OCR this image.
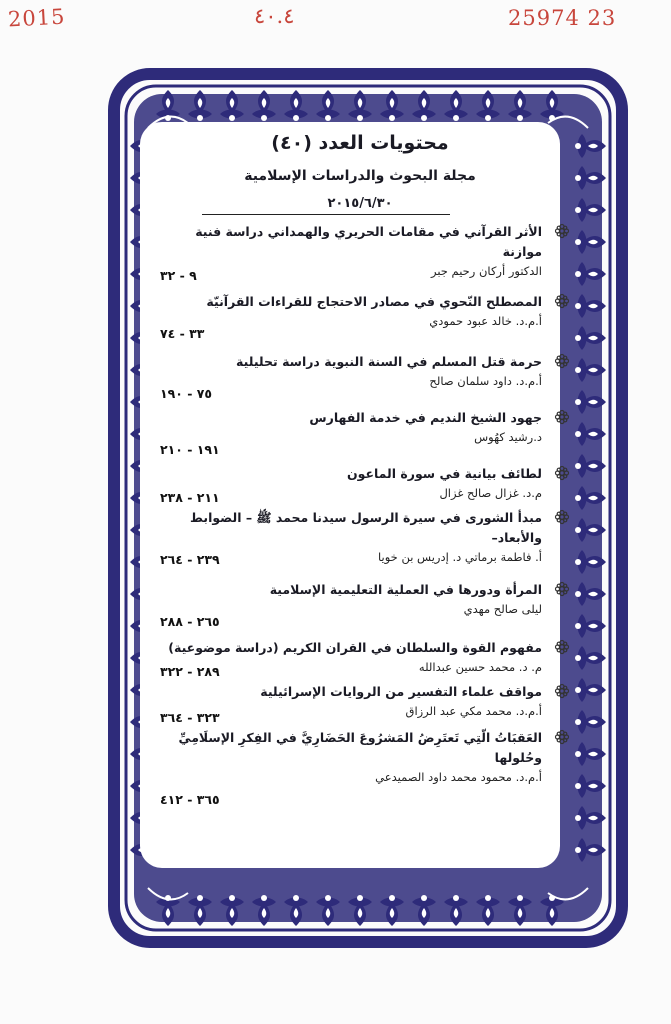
2015	٤٠.٤	25974 23
محتويات العدد (٤٠)
مجلة البحوث والدراسات الإسلامية
٢٠١٥/٦/٣٠
الأثر القرآني في مقامات الحريري والهمداني دراسة فنية موازنة
الدكتور أركان رحيم جبر
٩ - ٣٢
المصطلح النّحوي في مصادر الاحتجاج للقراءات القرآنيّة
أ.م.د. خالد عبود حمودي
٣٣ - ٧٤
حرمة قتل المسلم في السنة النبوية دراسة تحليلية
أ.م.د. داود سلمان صالح
٧٥ - ١٩٠
جهود الشيخ النديم في خدمة الفهارس
د.رشيد كهُوس
١٩١ - ٢١٠
لطائف بيانية في سورة الماعون
م.د. غزال صالح غزال
٢١١ - ٢٣٨
مبدأ الشورى في سيرة الرسول سيدنا محمد ﷺ – الضوابط والأبعاد–
أ. فاطمة برماتي د. إدريس بن خويا
٢٣٩ - ٢٦٤
المرأة ودورها في العملية التعليمية الإسلامية
ليلى صالح مهدي
٢٦٥ - ٢٨٨
مفهوم القوة والسلطان في القران الكريم (دراسة موضوعية)
م. د. محمد حسين عبدالله
٢٨٩ - ٣٢٢
مواقف علماء التفسير من الروايات الإسرائيلية
أ.م.د. محمد مكي عبد الرزاق
٣٢٣ - ٣٦٤
العَقبَاتُ الّتِي تَعتَرِضُ المَشرُوعَ الحَضَارِيَّ في الفِكرِ الإسلَامِيِّ وحُلولها
أ.م.د. محمود محمد داود الصميدعي
٣٦٥ - ٤١٢
